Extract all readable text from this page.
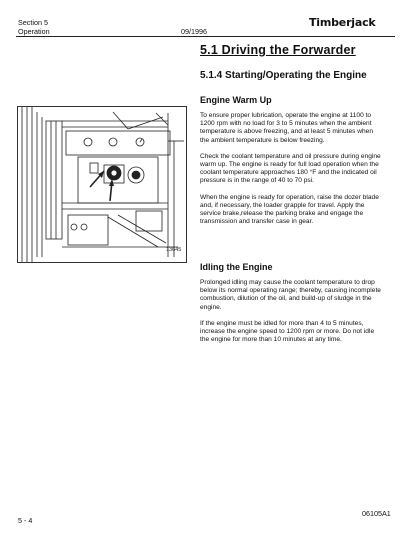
Section 5
Operation	09/1996
Timberjack
5.1 Driving the Forwarder
5.1.4 Starting/Operating the Engine
Engine Warm Up

To ensure proper lubrication, operate the engine at 1100 to 1200 rpm with no load for 3 to 5 minutes when the ambient temperature is above freezing, and at least 5 minutes when the ambient temperature is below freezing.

Check the coolant temperature and oil pressure during engine warm up. The engine is ready for full load operation when the coolant temperature approaches 180 °F and the indicated oil pressure is in the range of 40 to 70 psi.

When the engine is ready for operation, raise the dozer blade and, if necessary, the loader grapple for travel. Apply the service brake,release the parking brake and engage the transmission and transfer case in gear.

Idling the Engine

Prolonged idling may cause the coolant temperature to drop below its normal operating range; thereby, causing incomplete combustion, dilution of the oil, and build-up of sludge in the engine.

If the engine must be idled for more than 4 to 5 minutes, increase the engine speed to 1200 rpm or more. Do not idle the engine for more than 10 minutes at any time.

13645
5 - 4
06105A1
